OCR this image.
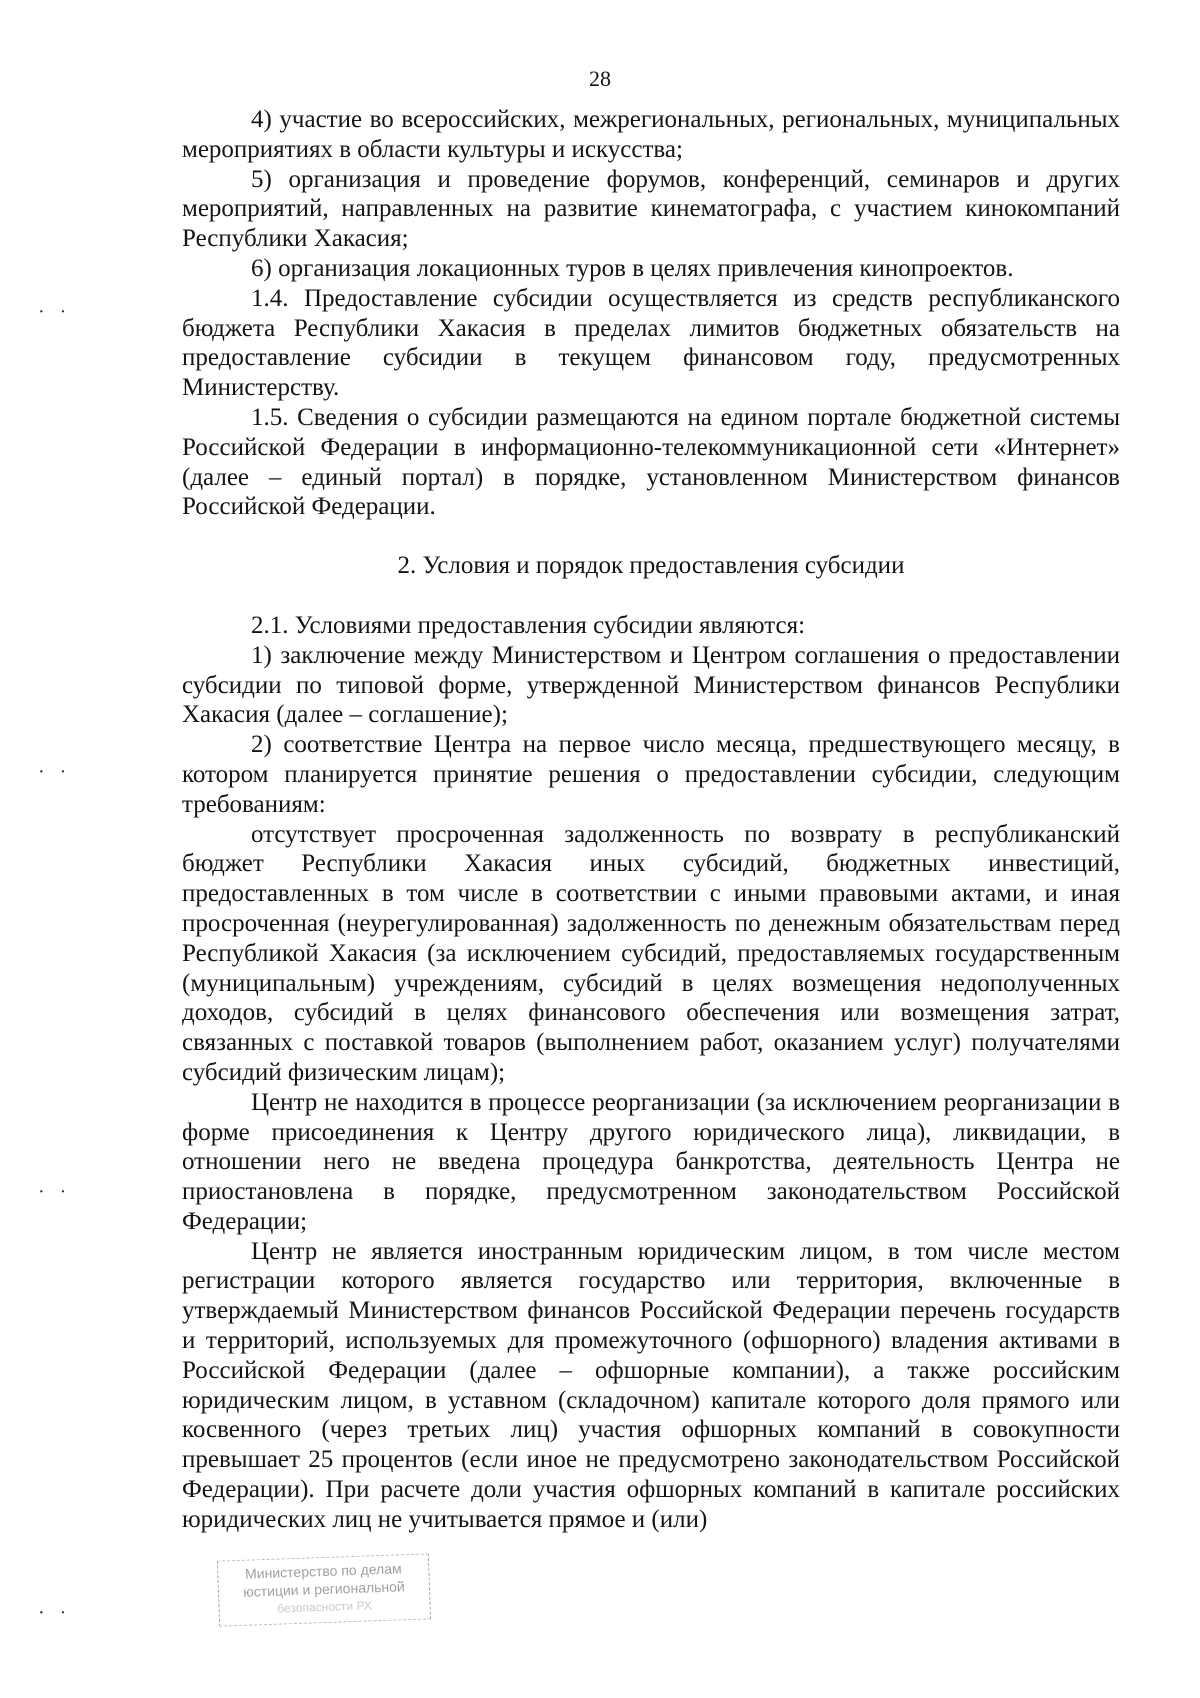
28
·   ·
·   ·
·   ·
·   ·

4) участие во всероссийских, межрегиональных, региональных, муниципальных мероприятиях в области культуры и искусства;

5) организация и проведение форумов, конференций, семинаров и других мероприятий, направленных на развитие кинематографа, с участием кинокомпаний Республики Хакасия;

6) организация локационных туров в целях привлечения кинопроектов.

1.4. Предоставление субсидии осуществляется из средств республиканского бюджета Республики Хакасия в пределах лимитов бюджетных обязательств на предоставление субсидии в текущем финансовом году, предусмотренных Министерству.

1.5. Сведения о субсидии размещаются на едином портале бюджетной системы Российской Федерации в информационно-телекоммуникационной сети «Интернет» (далее – единый портал) в порядке, установленном Министерством финансов Российской Федерации.

2. Условия и порядок предоставления субсидии

2.1. Условиями предоставления субсидии являются:

1) заключение между Министерством и Центром соглашения о предоставлении субсидии по типовой форме, утвержденной Министерством финансов Республики Хакасия (далее – соглашение);

2) соответствие Центра на первое число месяца, предшествующего месяцу, в котором планируется принятие решения о предоставлении субсидии, следующим требованиям:

отсутствует просроченная задолженность по возврату в республиканский бюджет Республики Хакасия иных субсидий, бюджетных инвестиций, предоставленных в том числе в соответствии с иными правовыми актами, и иная просроченная (неурегулированная) задолженность по денежным обязательствам перед Республикой Хакасия (за исключением субсидий, предоставляемых государственным (муниципальным) учреждениям, субсидий в целях возмещения недополученных доходов, субсидий в целях финансового обеспечения или возмещения затрат, связанных с поставкой товаров (выполнением работ, оказанием услуг) получателями субсидий физическим лицам);

Центр не находится в процессе реорганизации (за исключением реорганизации в форме присоединения к Центру другого юридического лица), ликвидации, в отношении него не введена процедура банкротства, деятельность Центра не приостановлена в порядке, предусмотренном законодательством Российской Федерации;

Центр не является иностранным юридическим лицом, в том числе местом регистрации которого является государство или территория, включенные в утверждаемый Министерством финансов Российской Федерации перечень государств и территорий, используемых для промежуточного (офшорного) владения активами в Российской Федерации (далее – офшорные компании), а также российским юридическим лицом, в уставном (складочном) капитале которого доля прямого или косвенного (через третьих лиц) участия офшорных компаний в совокупности превышает 25 процентов (если иное не предусмотрено законодательством Российской Федерации). При расчете доли участия офшорных компаний в капитале российских юридических лиц не учитывается прямое и (или)

Министерство по делам
юстиции и региональной
безопасности РХ
